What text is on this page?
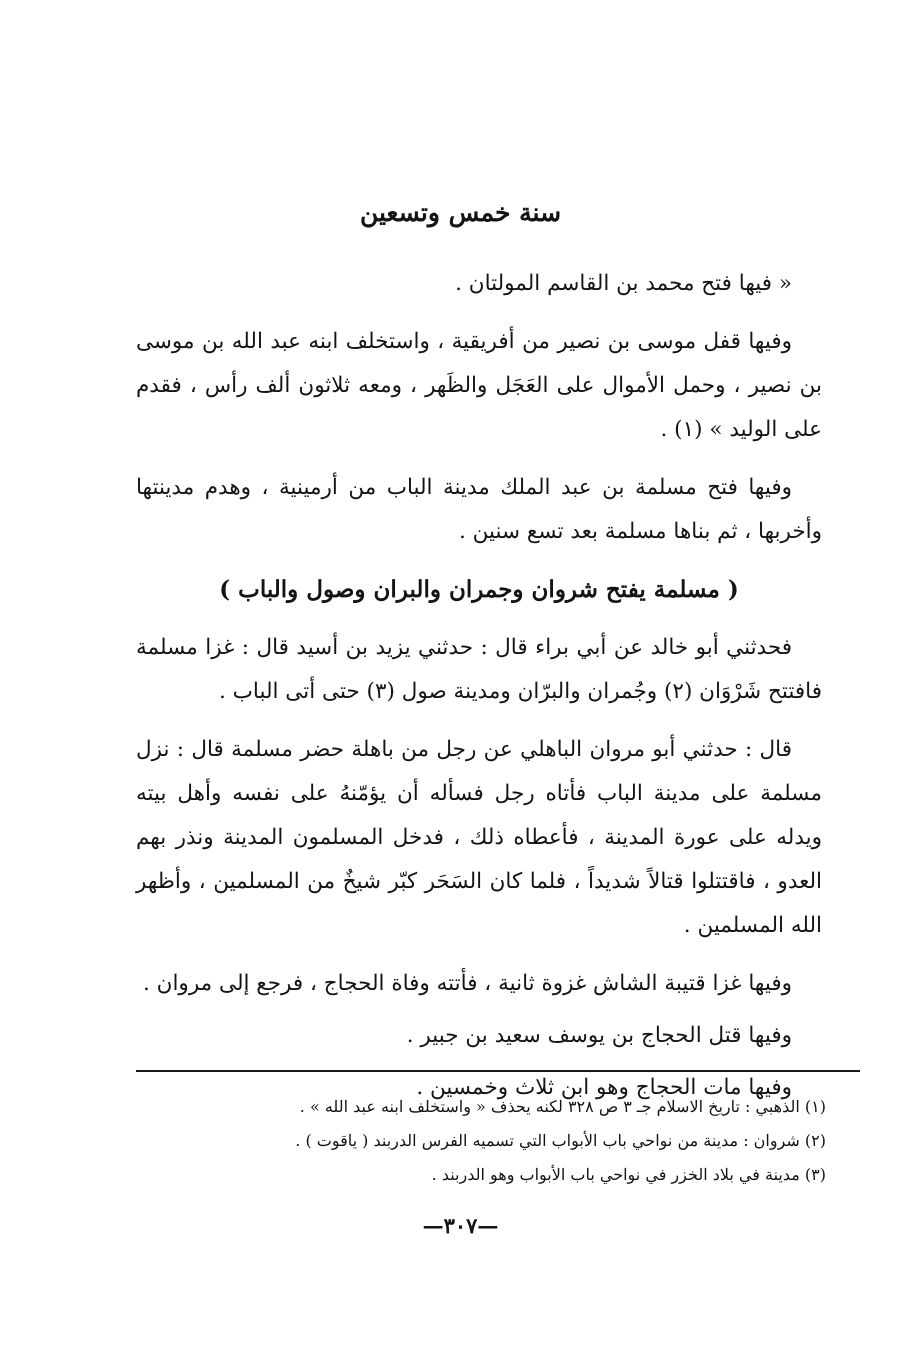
سنة خمس وتسعين

« فيها فتح محمد بن القاسم المولتان .

وفيها قفل موسى بن نصير من أفريقية ، واستخلف ابنه عبد الله بن موسى بن نصير ، وحمل الأموال على العَجَل والظَهر ، ومعه ثلاثون ألف رأس ، فقدم على الوليد » (١) .

وفيها فتح مسلمة بن عبد الملك مدينة الباب من أرمينية ، وهدم مدينتها وأخربها ، ثم بناها مسلمة بعد تسع سنين .

( مسلمة يفتح شروان وجمران والبران وصول والباب )

فحدثني أبو خالد عن أبي براء قال : حدثني يزيد بن أسيد قال : غزا مسلمة فافتتح شَرْوَان (٢) وجُمران والبرّان ومدينة صول (٣) حتى أتى الباب .

قال : حدثني أبو مروان الباهلي عن رجل من باهلة حضر مسلمة قال : نزل مسلمة على مدينة الباب فأتاه رجل فسأله أن يؤمّنهُ على نفسه وأهل بيته ويدله على عورة المدينة ، فأعطاه ذلك ، فدخل المسلمون المدينة ونذر بهم العدو ، فاقتتلوا قتالاً شديداً ، فلما كان السَحَر كبّر شيخٌ من المسلمين ، وأظهر الله المسلمين .

وفيها غزا قتيبة الشاش غزوة ثانية ، فأتته وفاة الحجاج ، فرجع إلى مروان .

وفيها قتل الحجاج بن يوسف سعيد بن جبير .

وفيها مات الحجاج وهو ابن ثلاث وخمسين .

(١) الذهبي : تاريخ الاسلام جـ ٣ ص ٣٢٨ لكنه يحذف « واستخلف ابنه عبد الله » .

(٢) شروان : مدينة من نواحي باب الأبواب التي تسميه الفرس الدربند ( ياقوت ) .

(٣) مدينة في بلاد الخزر في نواحي باب الأبواب وهو الدربند .

—٣٠٧—
